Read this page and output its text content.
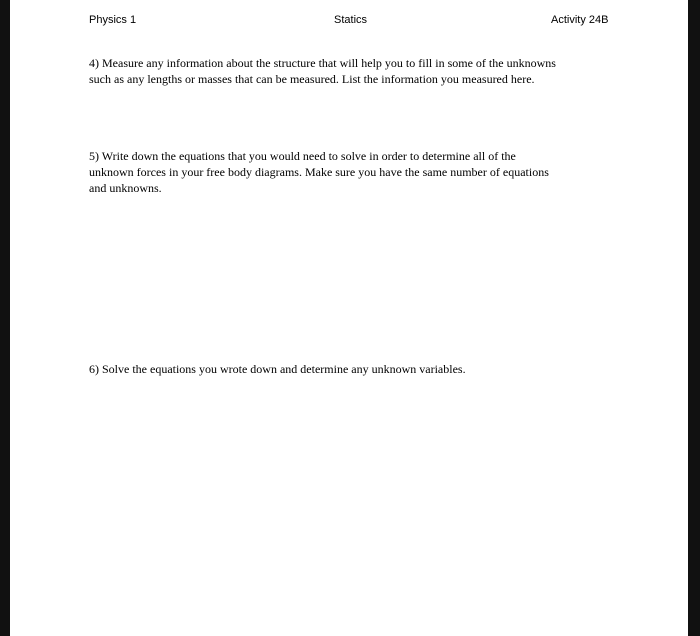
Physics 1	Statics	Activity 24B
4) Measure any information about the structure that will help you to fill in some of the unknowns
such as any lengths or masses that can be measured. List the information you measured here.
5) Write down the equations that you would need to solve in order to determine all of the
unknown forces in your free body diagrams. Make sure you have the same number of equations
and unknowns.
6) Solve the equations you wrote down and determine any unknown variables.
